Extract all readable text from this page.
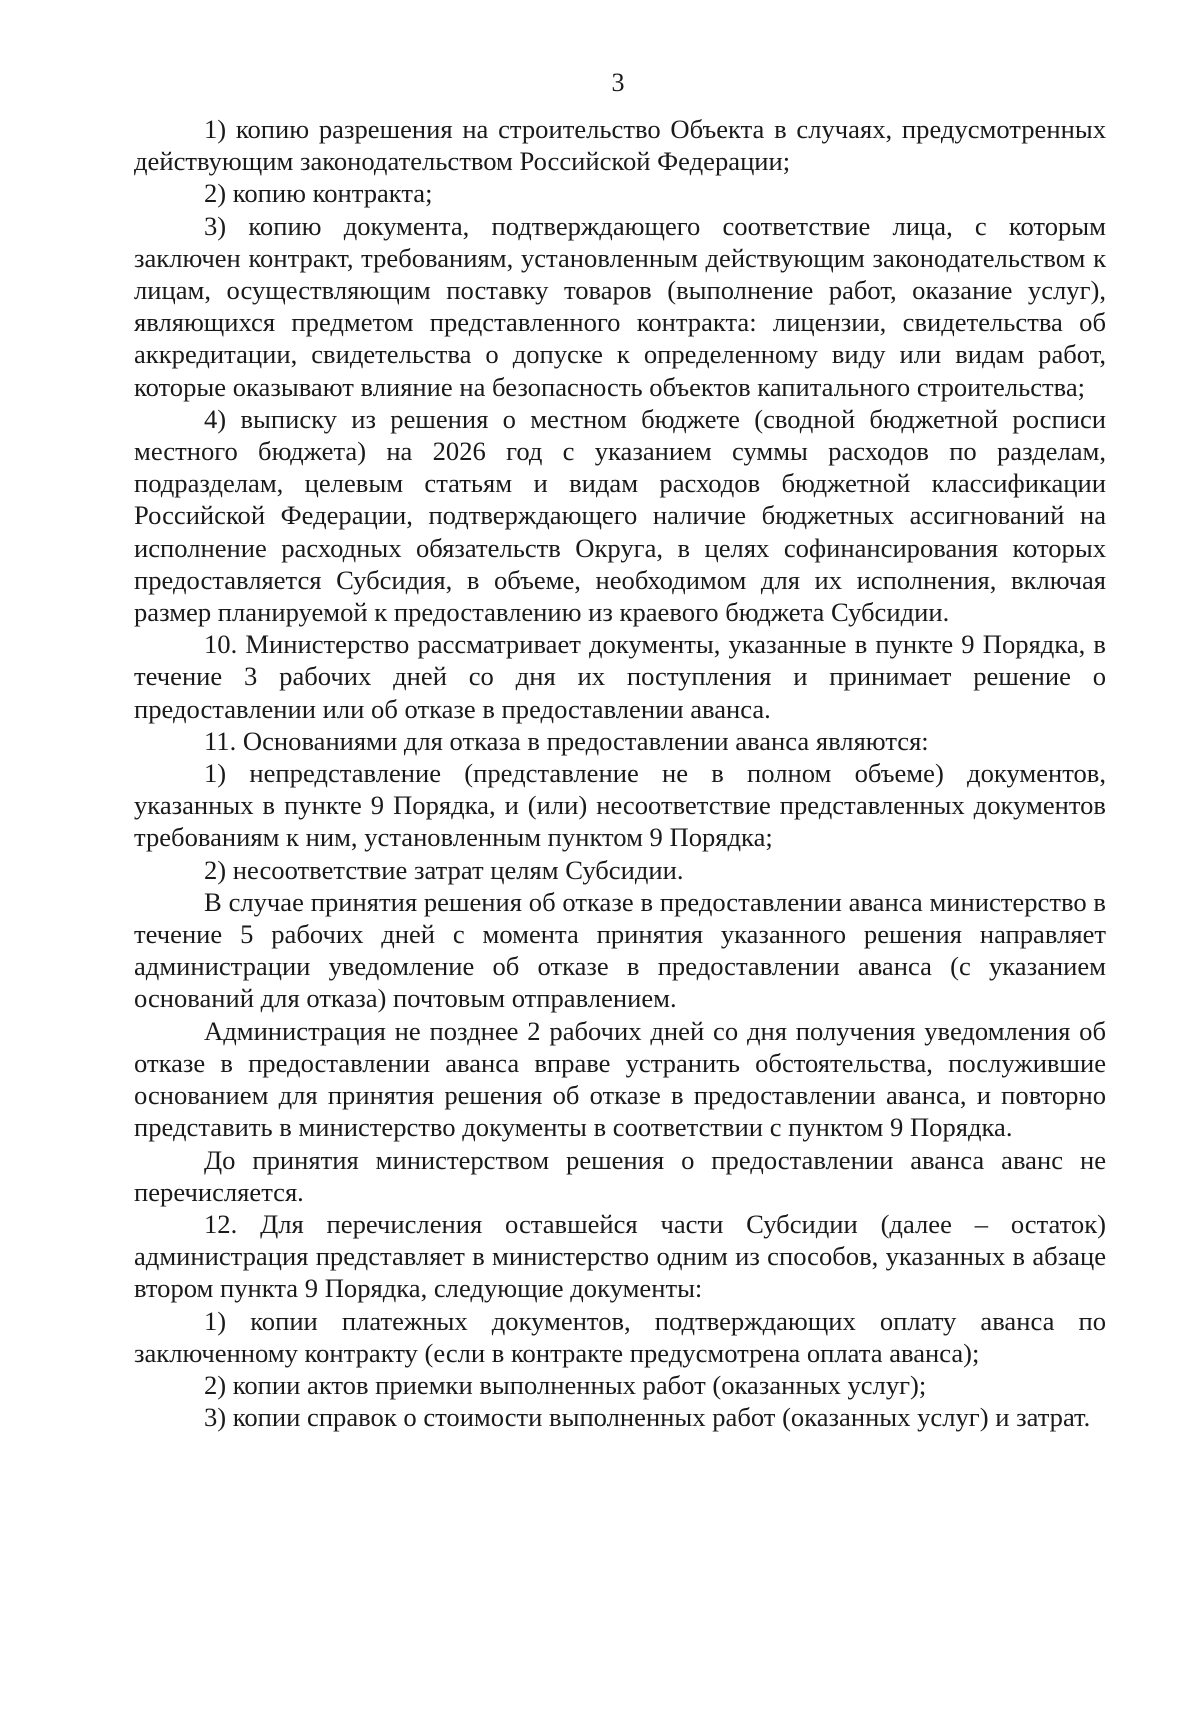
3

1) копию разрешения на строительство Объекта в случаях, предусмотренных действующим законодательством Российской Федерации;

2) копию контракта;

3) копию документа, подтверждающего соответствие лица, с которым заключен контракт, требованиям, установленным действующим законодательством к лицам, осуществляющим поставку товаров (выполнение работ, оказание услуг), являющихся предметом представленного контракта: лицензии, свидетельства об аккредитации, свидетельства о допуске к определенному виду или видам работ, которые оказывают влияние на безопасность объектов капитального строительства;

4) выписку из решения о местном бюджете (сводной бюджетной росписи местного бюджета) на 2026 год с указанием суммы расходов по разделам, подразделам, целевым статьям и видам расходов бюджетной классификации Российской Федерации, подтверждающего наличие бюджетных ассигнований на исполнение расходных обязательств Округа, в целях софинансирования которых предоставляется Субсидия, в объеме, необходимом для их исполнения, включая размер планируемой к предоставлению из краевого бюджета Субсидии.

10. Министерство рассматривает документы, указанные в пункте 9 Порядка, в течение 3 рабочих дней со дня их поступления и принимает решение о предоставлении или об отказе в предоставлении аванса.

11. Основаниями для отказа в предоставлении аванса являются:

1) непредставление (представление не в полном объеме) документов, указанных в пункте 9 Порядка, и (или) несоответствие представленных документов требованиям к ним, установленным пунктом 9 Порядка;

2) несоответствие затрат целям Субсидии.

В случае принятия решения об отказе в предоставлении аванса министерство в течение 5 рабочих дней с момента принятия указанного решения направляет администрации уведомление об отказе в предоставлении аванса (с указанием оснований для отказа) почтовым отправлением.

Администрация не позднее 2 рабочих дней со дня получения уведомления об отказе в предоставлении аванса вправе устранить обстоятельства, послужившие основанием для принятия решения об отказе в предоставлении аванса, и повторно представить в министерство документы в соответствии с пунктом 9 Порядка.

До принятия министерством решения о предоставлении аванса аванс не перечисляется.

12. Для перечисления оставшейся части Субсидии (далее – остаток) администрация представляет в министерство одним из способов, указанных в абзаце втором пункта 9 Порядка, следующие документы:

1) копии платежных документов, подтверждающих оплату аванса по заключенному контракту (если в контракте предусмотрена оплата аванса);

2) копии актов приемки выполненных работ (оказанных услуг);

3) копии справок о стоимости выполненных работ (оказанных услуг) и затрат.
